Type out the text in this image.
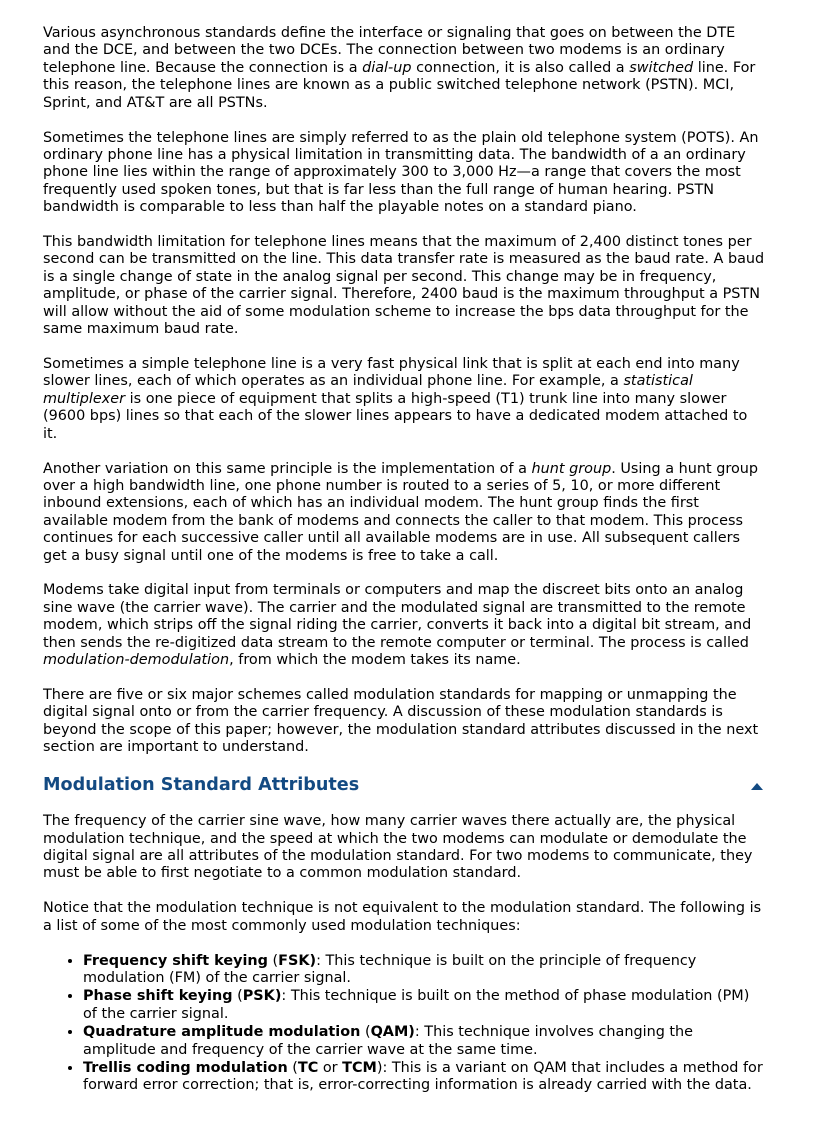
Various asynchronous standards define the interface or signaling that goes on between the DTE and the DCE, and between the two DCEs. The connection between two modems is an ordinary telephone line. Because the connection is a dial-up connection, it is also called a switched line. For this reason, the telephone lines are known as a public switched telephone network (PSTN). MCI, Sprint, and AT&T are all PSTNs.

Sometimes the telephone lines are simply referred to as the plain old telephone system (POTS). An ordinary phone line has a physical limitation in transmitting data. The bandwidth of a an ordinary phone line lies within the range of approximately 300 to 3,000 Hz—a range that covers the most frequently used spoken tones, but that is far less than the full range of human hearing. PSTN bandwidth is comparable to less than half the playable notes on a standard piano.

This bandwidth limitation for telephone lines means that the maximum of 2,400 distinct tones per second can be transmitted on the line. This data transfer rate is measured as the baud rate. A baud is a single change of state in the analog signal per second. This change may be in frequency, amplitude, or phase of the carrier signal. Therefore, 2400 baud is the maximum throughput a PSTN will allow without the aid of some modulation scheme to increase the bps data throughput for the same maximum baud rate.

Sometimes a simple telephone line is a very fast physical link that is split at each end into many slower lines, each of which operates as an individual phone line. For example, a statistical multiplexer is one piece of equipment that splits a high-speed (T1) trunk line into many slower (9600 bps) lines so that each of the slower lines appears to have a dedicated modem attached to it.

Another variation on this same principle is the implementation of a hunt group. Using a hunt group over a high bandwidth line, one phone number is routed to a series of 5, 10, or more different inbound extensions, each of which has an individual modem. The hunt group finds the first available modem from the bank of modems and connects the caller to that modem. This process continues for each successive caller until all available modems are in use. All subsequent callers get a busy signal until one of the modems is free to take a call.

Modems take digital input from terminals or computers and map the discreet bits onto an analog sine wave (the carrier wave). The carrier and the modulated signal are transmitted to the remote modem, which strips off the signal riding the carrier, converts it back into a digital bit stream, and then sends the re-digitized data stream to the remote computer or terminal. The process is called modulation-demodulation, from which the modem takes its name.

There are five or six major schemes called modulation standards for mapping or unmapping the digital signal onto or from the carrier frequency. A discussion of these modulation standards is beyond the scope of this paper; however, the modulation standard attributes discussed in the next section are important to understand.

Modulation Standard Attributes

The frequency of the carrier sine wave, how many carrier waves there actually are, the physical modulation technique, and the speed at which the two modems can modulate or demodulate the digital signal are all attributes of the modulation standard. For two modems to communicate, they must be able to first negotiate to a common modulation standard.

Notice that the modulation technique is not equivalent to the modulation standard. The following is a list of some of the most commonly used modulation techniques:

• Frequency shift keying (FSK): This technique is built on the principle of frequency modulation (FM) of the carrier signal.
• Phase shift keying (PSK): This technique is built on the method of phase modulation (PM) of the carrier signal.
• Quadrature amplitude modulation (QAM): This technique involves changing the amplitude and frequency of the carrier wave at the same time.
• Trellis coding modulation (TC or TCM): This is a variant on QAM that includes a method for forward error correction; that is, error-correcting information is already carried with the data.
